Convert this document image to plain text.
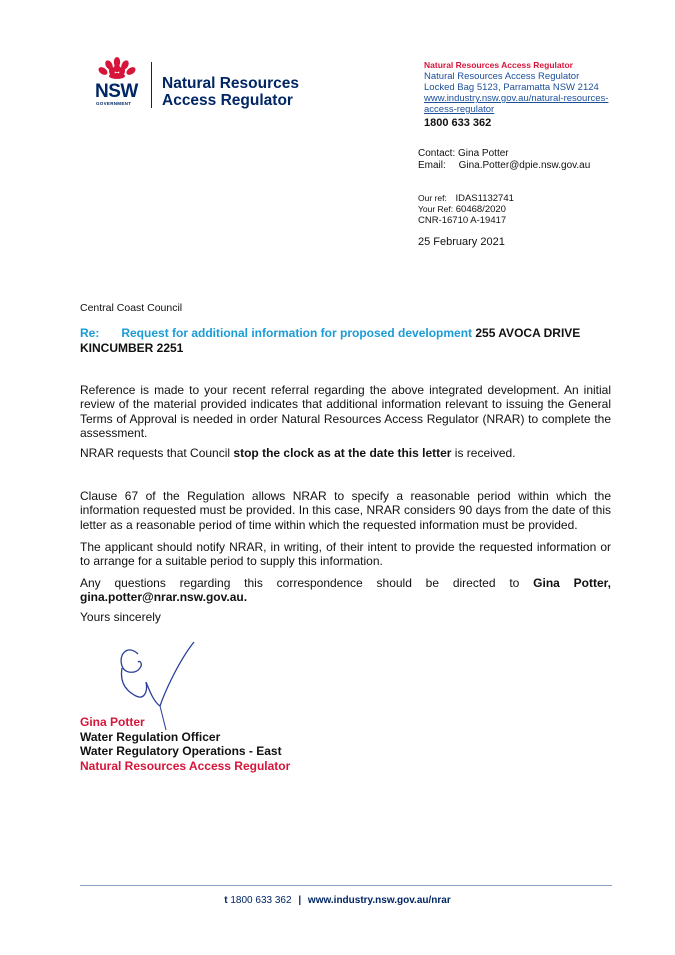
NSW
GOVERNMENT
Natural Resources
Access Regulator
Natural Resources Access Regulator
Natural Resources Access Regulator
Locked Bag 5123, Parramatta NSW 2124
www.industry.nsw.gov.au/natural-resources-
access-regulator
1800 633 362
Contact: Gina Potter
Email: Gina.Potter@dpie.nsw.gov.au
Our ref: IDAS1132741
Your Ref: 60468/2020
CNR-16710 A-19417
25 February 2021
Central Coast Council
Re: Request for additional information for proposed development 255 AVOCA DRIVE KINCUMBER 2251
Reference is made to your recent referral regarding the above integrated development. An initial review of the material provided indicates that additional information relevant to issuing the General Terms of Approval is needed in order Natural Resources Access Regulator (NRAR) to complete the assessment.
NRAR requests that Council stop the clock as at the date this letter is received.
Clause 67 of the Regulation allows NRAR to specify a reasonable period within which the information requested must be provided. In this case, NRAR considers 90 days from the date of this letter as a reasonable period of time within which the requested information must be provided.
The applicant should notify NRAR, in writing, of their intent to provide the requested information or to arrange for a suitable period to supply this information.
Any questions regarding this correspondence should be directed to Gina Potter, gina.potter@nrar.nsw.gov.au.
Yours sincerely
Gina Potter
Water Regulation Officer
Water Regulatory Operations - East
Natural Resources Access Regulator
t 1800 633 362 | www.industry.nsw.gov.au/nrar
